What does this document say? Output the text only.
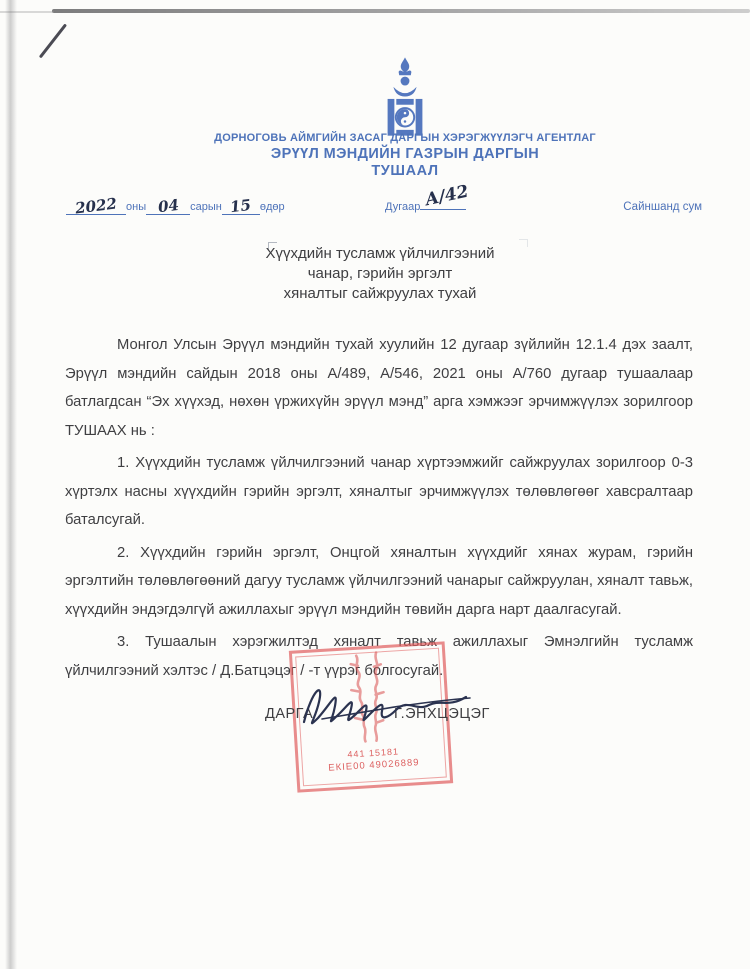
ДОРНОГОВЬ АЙМГИЙН ЗАСАГ ДАРГЫН ХЭРЭГЖҮҮЛЭГЧ АГЕНТЛАГ
ЭРҮҮЛ МЭНДИЙН ГАЗРЫН ДАРГЫН
ТУШААЛ
2022 оны 04 сарын 15 өдөр	Дугаар А/42	Сайншанд сум
Хүүхдийн тусламж үйлчилгээний
чанар, гэрийн эргэлт
хяналтыг сайжруулах тухай

Монгол Улсын Эрүүл мэндийн тухай хуулийн 12 дугаар зүйлийн 12.1.4 дэх заалт, Эрүүл мэндийн сайдын 2018 оны А/489, А/546, 2021 оны А/760 дугаар тушаалаар батлагдсан “Эх хүүхэд, нөхөн үржихүйн эрүүл мэнд” арга хэмжээг эрчимжүүлэх зорилгоор ТУШААХ нь :

1. Хүүхдийн тусламж үйлчилгээний чанар хүртээмжийг сайжруулах зорилгоор 0-3 хүртэлх насны хүүхдийн гэрийн эргэлт, хяналтыг эрчимжүүлэх төлөвлөгөөг хавсралтаар баталсугай.

2. Хүүхдийн гэрийн эргэлт, Онцгой хяналтын хүүхдийг хянах журам, гэрийн эргэлтийн төлөвлөгөөний дагуу тусламж үйлчилгээний чанарыг сайжруулан, хяналт тавьж, хүүхдийн эндэгдэлгүй ажиллахыг эрүүл мэндийн төвийн дарга нарт даалгасугай.

3. Тушаалын хэрэгжилтэд хяналт тавьж ажиллахыг Эмнэлгийн тусламж үйлчилгээний хэлтэс / Д.Батцэцэг / -т үүрэг болгосугай.

441 15181
ЕКІЕ00 49026889
ДАРГА	Г.ЭНХЦЭЦЭГ
